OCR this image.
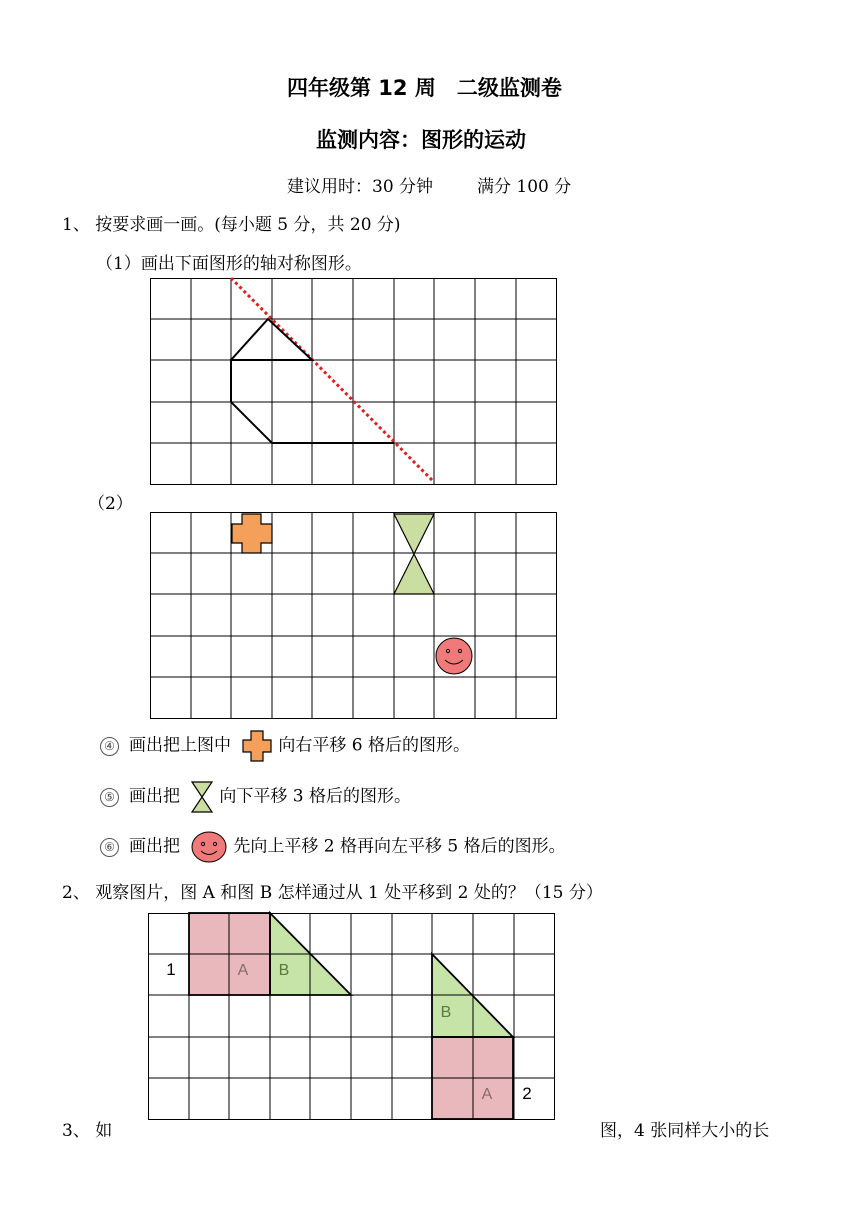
四年级第 12 周　二级监测卷
监测内容：图形的运动
建议用时：30 分钟	满分 100 分
1、 按要求画一画。(每小题 5 分，共 20 分)
（1）画出下面图形的轴对称图形。
（2）
④ 画出把上图中	向右平移 6 格后的图形。
⑤ 画出把 向下平移 3 格后的图形。
⑥ 画出把	先向上平移 2 格再向左平移 5 格后的图形。
2、 观察图片，图 A 和图 B 怎样通过从 1 处平移到 2 处的？（15 分）
1	A B
B
A 2
3、 如	图，4 张同样大小的长
